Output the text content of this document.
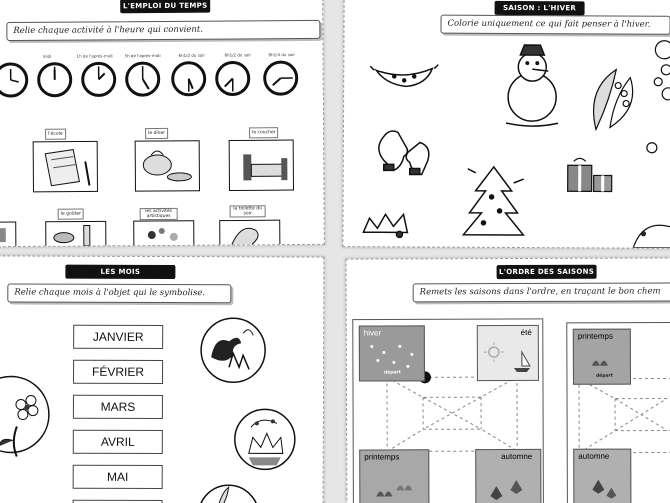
L'EMPLOI DU TEMPS
Relie chaque activité à l'heure qui convient.
midi	1h de l'après-midi	5h de l'après-midi	6h1/2 du soir	8h1/2 du soir	8h1/4 du soir
l'école	le dîner	le coucher
le goûter
les activités artistiques
la toilette du soir
SAISON : L'HIVER
Colorie uniquement ce qui fait penser à l'hiver.
LES MOIS
Relie chaque mois à l'objet qui le symbolise.
JANVIER
FÉVRIER
MARS
AVRIL
MAI
L'ORDRE DES SAISONS
Remets les saisons dans l'ordre, en traçant le bon chem
hiver
départ
été
printemps	automne
printemps
départ
automne
